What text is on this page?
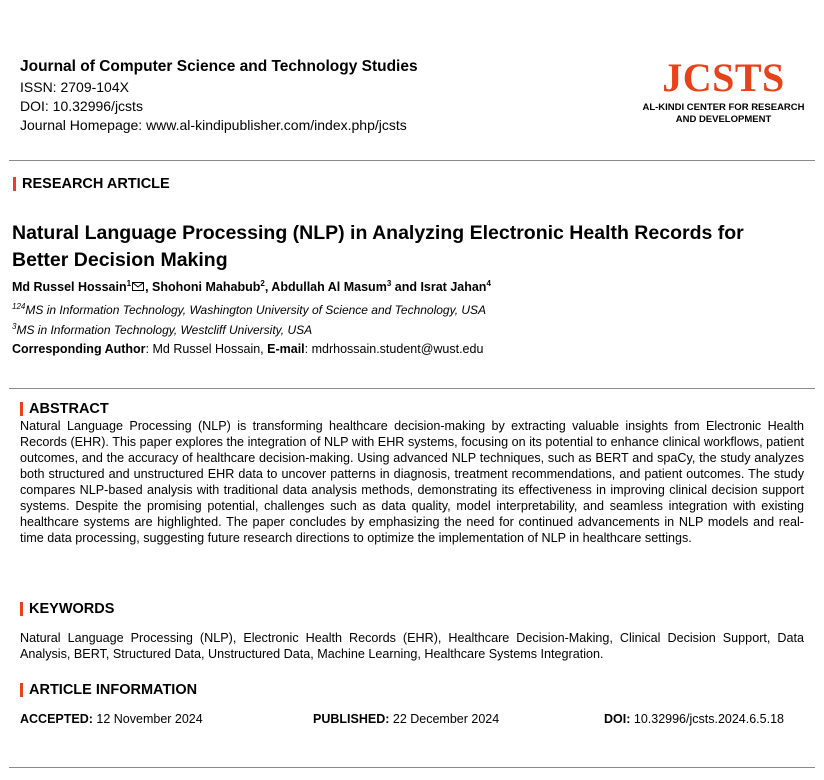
Journal of Computer Science and Technology Studies
ISSN: 2709-104X
DOI: 10.32996/jcsts
Journal Homepage: www.al-kindipublisher.com/index.php/jcsts
JCSTS
AL-KINDI CENTER FOR RESEARCH
AND DEVELOPMENT
RESEARCH ARTICLE
Natural Language Processing (NLP) in Analyzing Electronic Health Records for Better Decision Making
Md Russel Hossain$^1$ , Shohoni Mahabub$^2$, Abdullah Al Masum$^3$ and Israt Jahan$^4$
$^{124}$MS in Information Technology, Washington University of Science and Technology, USA
$^3$MS in Information Technology, Westcliff University, USA
Corresponding Author: Md Russel Hossain, E-mail: mdrhossain.student@wust.edu
ABSTRACT
Natural Language Processing (NLP) is transforming healthcare decision-making by extracting valuable insights from Electronic Health Records (EHR). This paper explores the integration of NLP with EHR systems, focusing on its potential to enhance clinical workflows, patient outcomes, and the accuracy of healthcare decision-making. Using advanced NLP techniques, such as BERT and spaCy, the study analyzes both structured and unstructured EHR data to uncover patterns in diagnosis, treatment recommendations, and patient outcomes. The study compares NLP-based analysis with traditional data analysis methods, demonstrating its effectiveness in improving clinical decision support systems. Despite the promising potential, challenges such as data quality, model interpretability, and seamless integration with existing healthcare systems are highlighted. The paper concludes by emphasizing the need for continued advancements in NLP models and real-time data processing, suggesting future research directions to optimize the implementation of NLP in healthcare settings.
KEYWORDS
Natural Language Processing (NLP), Electronic Health Records (EHR), Healthcare Decision-Making, Clinical Decision Support, Data Analysis, BERT, Structured Data, Unstructured Data, Machine Learning, Healthcare Systems Integration.
ARTICLE INFORMATION
ACCEPTED: 12 November 2024	PUBLISHED: 22 December 2024	DOI: 10.32996/jcsts.2024.6.5.18
